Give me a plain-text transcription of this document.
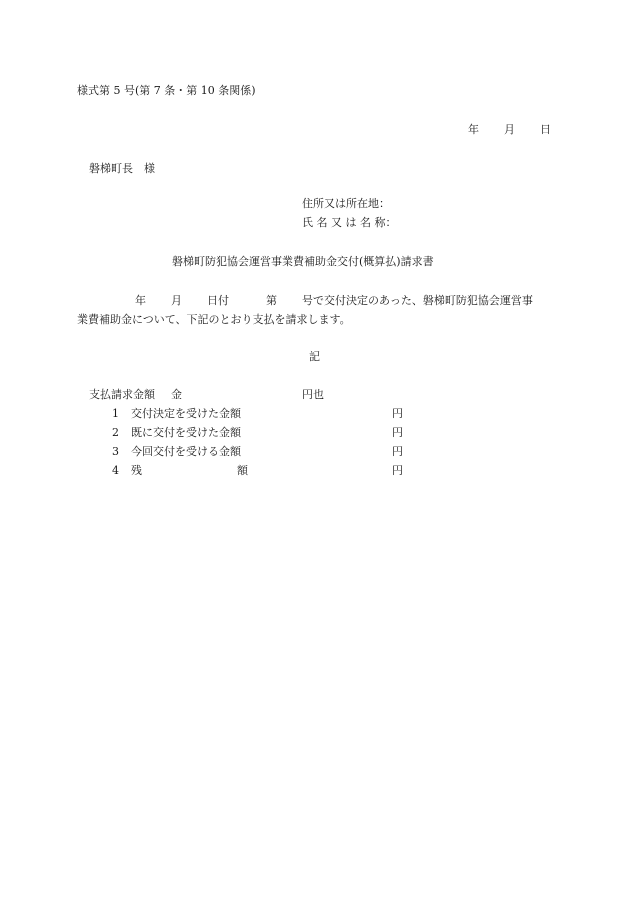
様式第 5 号(第 7 条・第 10 条関係)
年 月 日
磐梯町長　様
住所又は所在地：
氏 名 又 は 名 称：
磐梯町防犯協会運営事業費補助金交付(概算払)請求書
年 月 日付	第 号で交付決定のあった、磐梯町防犯協会運営事
業費補助金について、下記のとおり支払を請求します。
記
支払請求金額 金	円也
1 交付決定を受けた金額	円
2 既に交付を受けた金額	円
3 今回交付を受ける金額	円
4 残	額	円
